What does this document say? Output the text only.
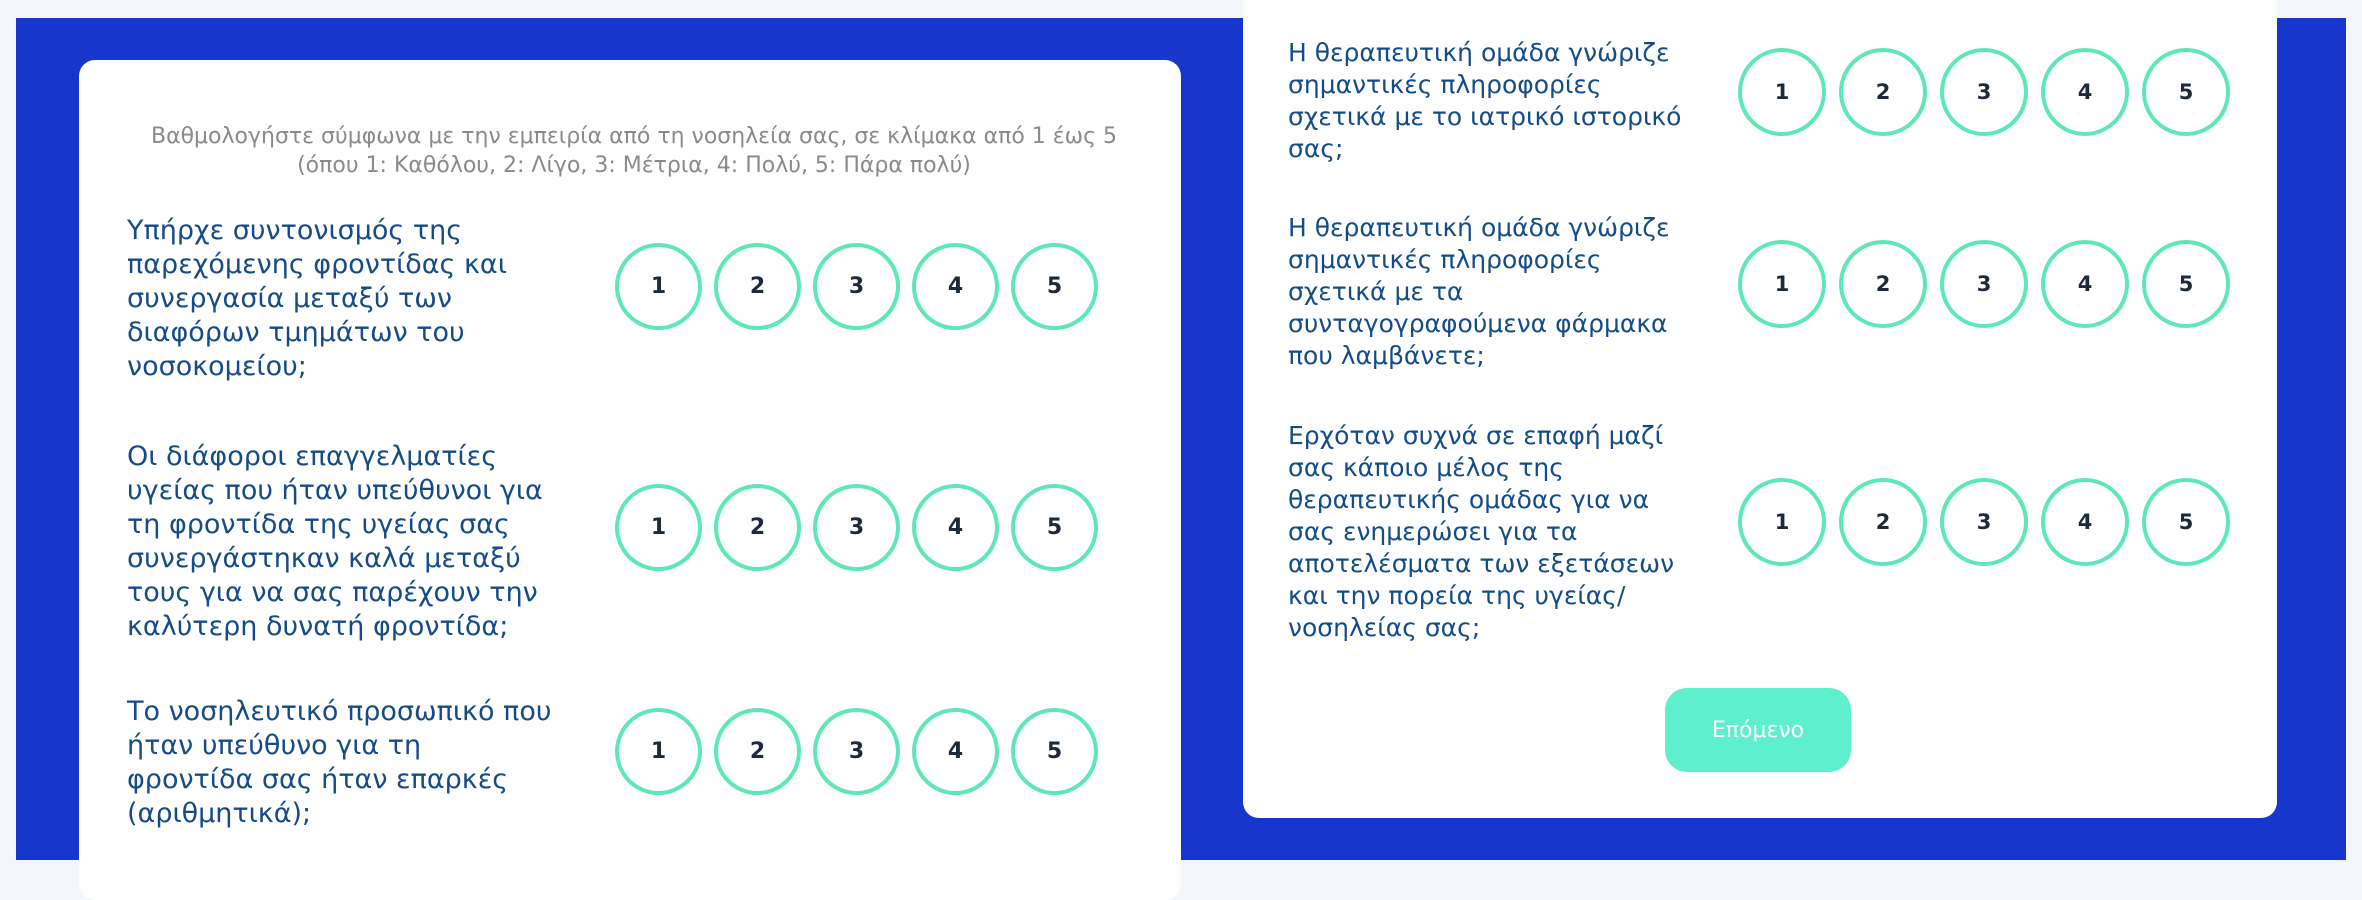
Βαθμολογήστε σύμφωνα με την εμπειρία από τη νοσηλεία σας, σε κλίμακα από 1 έως 5
(όπου 1: Καθόλου, 2: Λίγο, 3: Μέτρια, 4: Πολύ, 5: Πάρα πολύ)

Υπήρχε συντονισμός της
παρεχόμενης φροντίδας και
συνεργασία μεταξύ των
διαφόρων τμημάτων του
νοσοκομείου;

1	2	3	4	5

Οι διάφοροι επαγγελματίες
υγείας που ήταν υπεύθυνοι για
τη φροντίδα της υγείας σας
συνεργάστηκαν καλά μεταξύ
τους για να σας παρέχουν την
καλύτερη δυνατή φροντίδα;

1	2	3	4	5

Το νοσηλευτικό προσωπικό που
ήταν υπεύθυνο για τη
φροντίδα σας ήταν επαρκές
(αριθμητικά);

1	2	3	4	5

Η θεραπευτική ομάδα γνώριζε
σημαντικές πληροφορίες
σχετικά με το ιατρικό ιστορικό
σας;

1	2	3	4	5

Η θεραπευτική ομάδα γνώριζε
σημαντικές πληροφορίες
σχετικά με τα
συνταγογραφούμενα φάρμακα
που λαμβάνετε;

1	2	3	4	5

Ερχόταν συχνά σε επαφή μαζί
σας κάποιο μέλος της
θεραπευτικής ομάδας για να
σας ενημερώσει για τα
αποτελέσματα των εξετάσεων
και την πορεία της υγείας/
νοσηλείας σας;

1	2	3	4	5
Επόμενο
